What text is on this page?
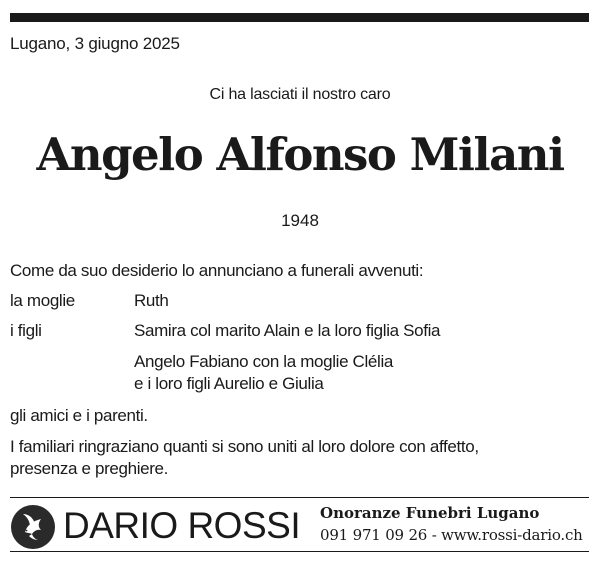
Lugano, 3 giugno 2025
Ci ha lasciati il nostro caro
Angelo Alfonso Milani
1948
Come da suo desiderio lo annunciano a funerali avvenuti:
la moglie	Ruth
i figli	Samira col marito Alain e la loro figlia Sofia
Angelo Fabiano con la moglie Clélia
e i loro figli Aurelio e Giulia
gli amici e i parenti.
I familiari ringraziano quanti si sono uniti al loro dolore con affetto,
presenza e preghiere.
DARIO ROSSI Onoranze Funebri Lugano
091 971 09 26 - www.rossi-dario.ch
